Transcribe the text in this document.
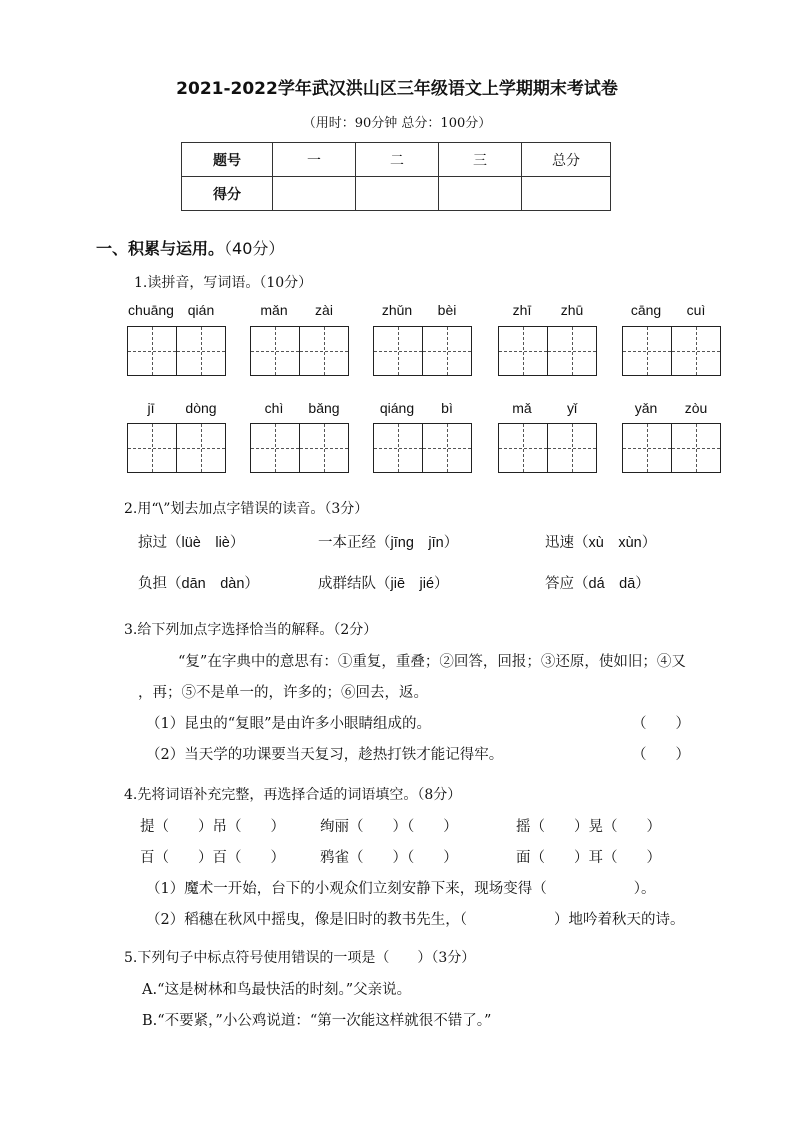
2021-2022学年武汉洪山区三年级语文上学期期末考试卷
（用时：90分钟 总分：100分）
题号	一	二	三	总分
得分				
一、积累与运用。（40分）
1.读拼音，写词语。（10分）
chuāng qián	mǎn	zài	zhǔn	bèi	zhī	zhū	cāng	cuì
jī	dòng	chì	bǎng	qiáng	bì	mǎ	yǐ	yǎn	zòu
2.用“\”划去加点字错误的读音。（3分）
掠过（lüè　liè）	一本正经（jīng　jīn）	迅速（xù　xùn）
负担（dān　dàn）	成群结队（jiē　jié）	答应（dá　dā）
3.给下列加点字选择恰当的解释。（2分）
“复”在字典中的意思有：①重复，重叠；②回答，回报；③还原，使如旧；④又
，再；⑤不是单一的，许多的；⑥回去，返。
（1）昆虫的“复眼”是由许多小眼睛组成的。	（　　）
（2）当天学的功课要当天复习，趁热打铁才能记得牢。	（　　）
4.先将词语补充完整，再选择合适的词语填空。（8分）
提（　　）吊（　　） 绚丽（　　）（　　）	摇（　　）晃（　　）
百（　　）百（　　） 鸦雀（　　）（　　）	面（　　）耳（　　）
（1）魔术一开始，台下的小观众们立刻安静下来，现场变得（　　　　　　）。
（2）稻穗在秋风中摇曳，像是旧时的教书先生，（　　　　　　）地吟着秋天的诗。
5.下列句子中标点符号使用错误的一项是（　　）（3分）
A.“这是树林和鸟最快活的时刻。”父亲说。
B.“不要紧，”小公鸡说道：“第一次能这样就很不错了。”
